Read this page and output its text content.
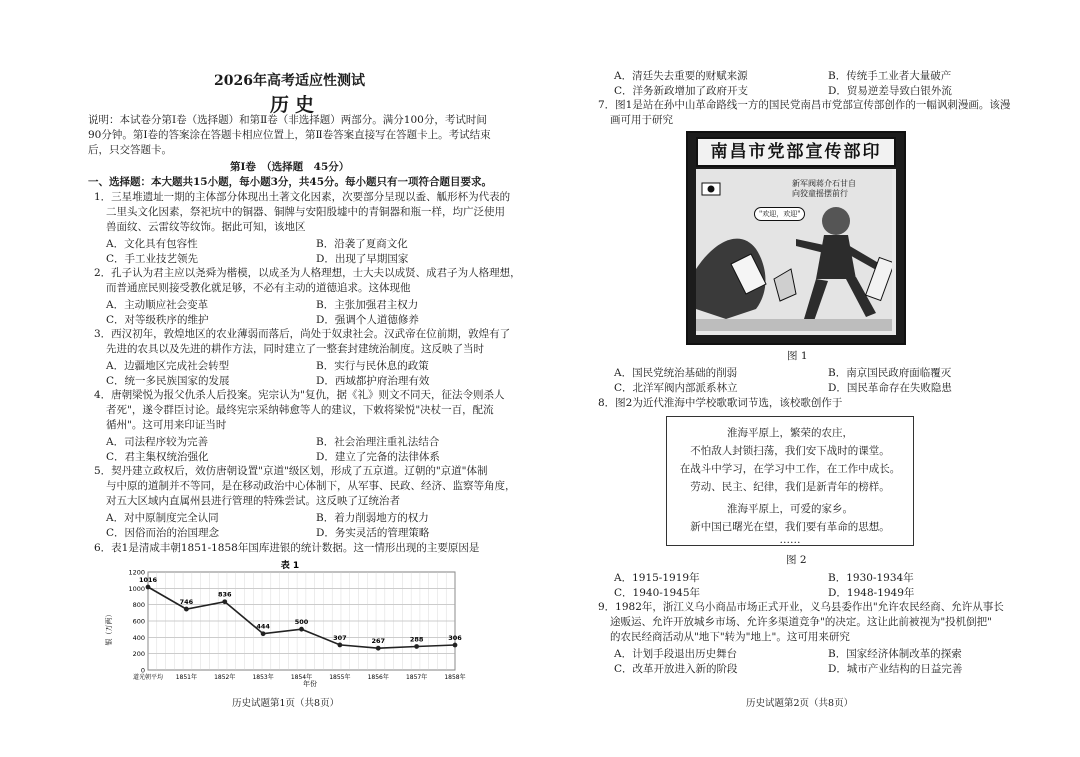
2026年高考适应性测试
历史
说明：本试卷分第Ⅰ卷（选择题）和第Ⅱ卷（非选择题）两部分。满分100分，考试时间
90分钟。第Ⅰ卷的答案涂在答题卡相应位置上，第Ⅱ卷答案直接写在答题卡上。考试结束
后，只交答题卡。
第Ⅰ卷　（选择题　45分）
一、选择题：本大题共15小题，每小题3分，共45分。每小题只有一项符合题目要求。
1．三星堆遗址一期的主体部分体现出土著文化因素，次要部分呈现以盉、觚形杯为代表的
二里头文化因素，祭祀坑中的铜器、铜牌与安阳殷墟中的青铜器和瓶一样，均广泛使用
兽面纹、云雷纹等纹饰。据此可知，该地区
A．文化具有包容性	B．沿袭了夏商文化
C．手工业技艺领先	D．出现了早期国家
2．孔子认为君主应以尧舜为楷模，以成圣为人格理想，士大夫以成贤、成君子为人格理想，
而普通庶民则接受教化就足够，不必有主动的道德追求。这体现他
A．主动顺应社会变革	B．主张加强君主权力
C．对等级秩序的维护	D．强调个人道德修养
3．西汉初年，敦煌地区的农业薄弱而落后，尚处于奴隶社会。汉武帝在位前期，敦煌有了
先进的农具以及先进的耕作方法，同时建立了一整套封建统治制度。这反映了当时
A．边疆地区完成社会转型	B．实行与民休息的政策
C．统一多民族国家的发展	D．西域都护府治理有效
4．唐朝梁悦为报父仇杀人后投案。宪宗认为"复仇，据《礼》则文不同天，征法令则杀人
者死"，遂令群臣讨论。最终宪宗采纳韩愈等人的建议，下敕将梁悦"决杖一百，配流
循州"。这可用来印证当时
A．司法程序较为完善	B．社会治理注重礼法结合
C．君主集权统治强化	D．建立了完备的法律体系
5．契丹建立政权后，效仿唐朝设置"京道"级区划，形成了五京道。辽朝的"京道"体制
与中原的道制并不等同，是在移动政治中心体制下，从军事、民政、经济、监察等角度，
对五大区域内直属州县进行管理的特殊尝试。这反映了辽统治者
A．对中原制度完全认同	B．着力削弱地方的权力
C．因俗而治的治国理念	D．务实灵活的管理策略
6．表1是清咸丰朝1851-1858年国库进银的统计数据。这一情形出现的主要原因是
表 1
银（万两）
年份
0
200
400
600
800
1000
1200
道光朝平均 1851年	1852年	1853年	1854年	1855年	1856年	1857年	1858年
1016
746
836
444
500
307	267	288	306
历史试题第1页（共8页）
A．清廷失去重要的财赋来源	B．传统手工业者大量破产
C．洋务新政增加了政府开支	D．贸易逆差导致白银外流
7．图1是站在孙中山革命路线一方的国民党南昌市党部宣传部创作的一幅讽刺漫画。该漫
画可用于研究
南昌市党部宣传部印
新军阀蒋介石甘自
向狡童摇摆前行
"欢迎，欢迎"
图 1
A．国民党统治基础的削弱	B．南京国民政府面临覆灭
C．北洋军阀内部派系林立	D．国民革命存在失败隐患
8．图2为近代淮海中学校歌歌词节选，该校歌创作于
淮海平原上，繁荣的农庄，
不怕敌人封锁扫荡，我们安下战时的课堂。
在战斗中学习，在学习中工作，在工作中成长。
劳动、民主、纪律，我们是新青年的榜样。
淮海平原上，可爱的家乡。
新中国已曙光在望，我们要有革命的思想。
……
图 2
A．1915-1919年	B．1930-1934年
C．1940-1945年	D．1948-1949年
9．1982年，浙江义乌小商品市场正式开业，义乌县委作出"允许农民经商、允许从事长
途贩运、允许开放城乡市场、允许多渠道竞争"的决定。这让此前被视为"投机倒把"
的农民经商活动从"地下"转为"地上"。这可用来研究
A．计划手段退出历史舞台	B．国家经济体制改革的探索
C．改革开放进入新的阶段	D．城市产业结构的日益完善
历史试题第2页（共8页）
